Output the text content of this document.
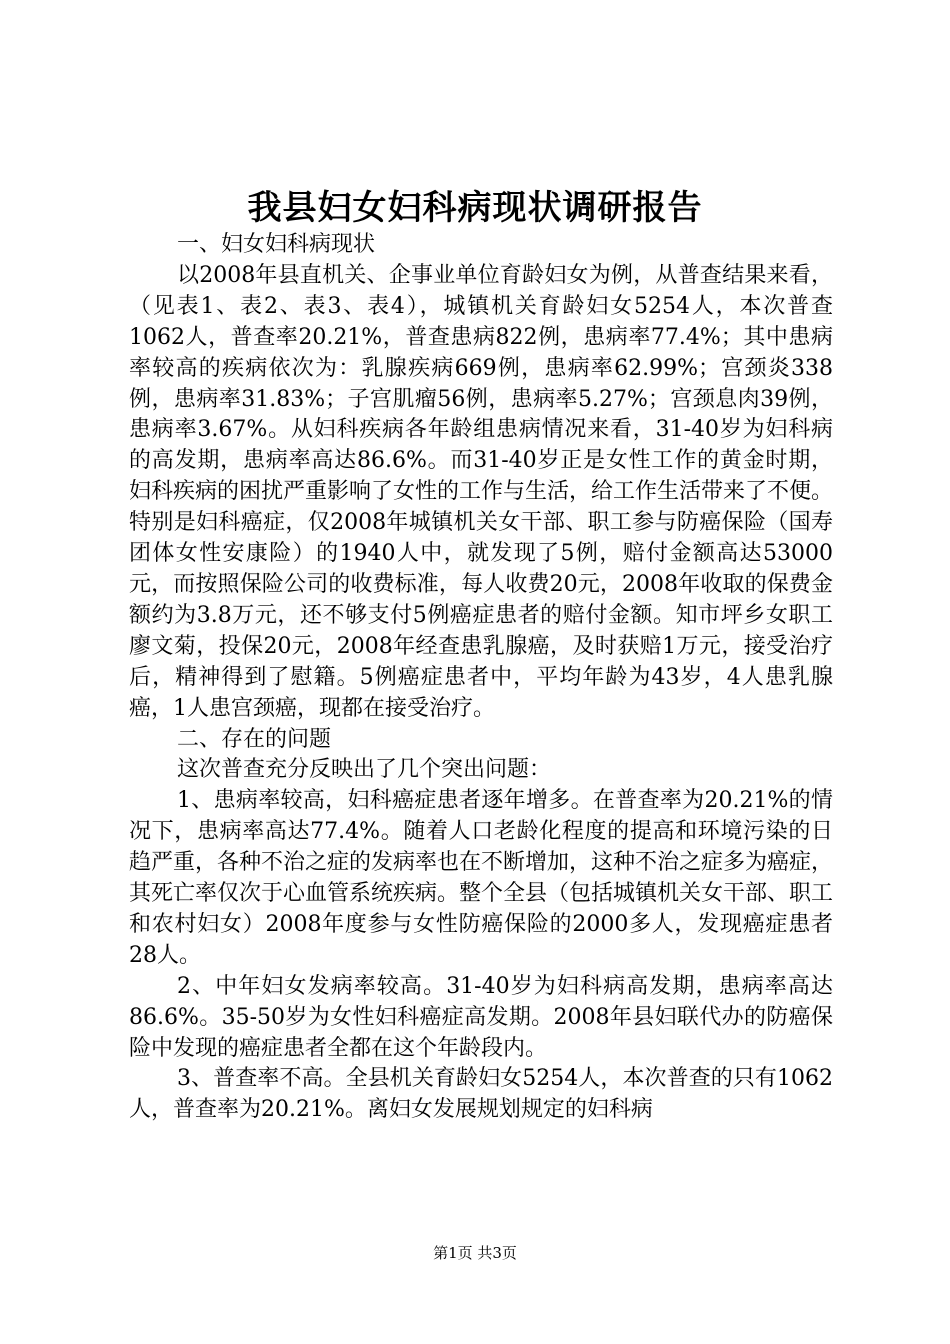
我县妇女妇科病现状调研报告

一、妇女妇科病现状

以2008年县直机关、企事业单位育龄妇女为例，从普查结果来看，（见表1、表2、表3、表4），城镇机关育龄妇女5254人，本次普查1062人，普查率20.21%，普查患病822例，患病率77.4%；其中患病率较高的疾病依次为：乳腺疾病669例，患病率62.99%；宫颈炎338例，患病率31.83%；子宫肌瘤56例，患病率5.27%；宫颈息肉39例，患病率3.67%。从妇科疾病各年龄组患病情况来看，31-40岁为妇科病的高发期，患病率高达86.6%。而31-40岁正是女性工作的黄金时期，妇科疾病的困扰严重影响了女性的工作与生活，给工作生活带来了不便。特别是妇科癌症，仅2008年城镇机关女干部、职工参与防癌保险（国寿团体女性安康险）的1940人中，就发现了5例，赔付金额高达53000元，而按照保险公司的收费标准，每人收费20元，2008年收取的保费金额约为3.8万元，还不够支付5例癌症患者的赔付金额。知市坪乡女职工廖文菊，投保20元，2008年经查患乳腺癌，及时获赔1万元，接受治疗后，精神得到了慰籍。5例癌症患者中，平均年龄为43岁，4人患乳腺癌，1人患宫颈癌，现都在接受治疗。

二、存在的问题

这次普查充分反映出了几个突出问题：

1、患病率较高，妇科癌症患者逐年增多。在普查率为20.21%的情况下，患病率高达77.4%。随着人口老龄化程度的提高和环境污染的日趋严重，各种不治之症的发病率也在不断增加，这种不治之症多为癌症，其死亡率仅次于心血管系统疾病。整个全县（包括城镇机关女干部、职工和农村妇女）2008年度参与女性防癌保险的2000多人，发现癌症患者28人。

2、中年妇女发病率较高。31-40岁为妇科病高发期，患病率高达86.6%。35-50岁为女性妇科癌症高发期。2008年县妇联代办的防癌保险中发现的癌症患者全都在这个年龄段内。

3、普查率不高。全县机关育龄妇女5254人，本次普查的只有1062人，普查率为20.21%。离妇女发展规划规定的妇科病

第1页 共3页
